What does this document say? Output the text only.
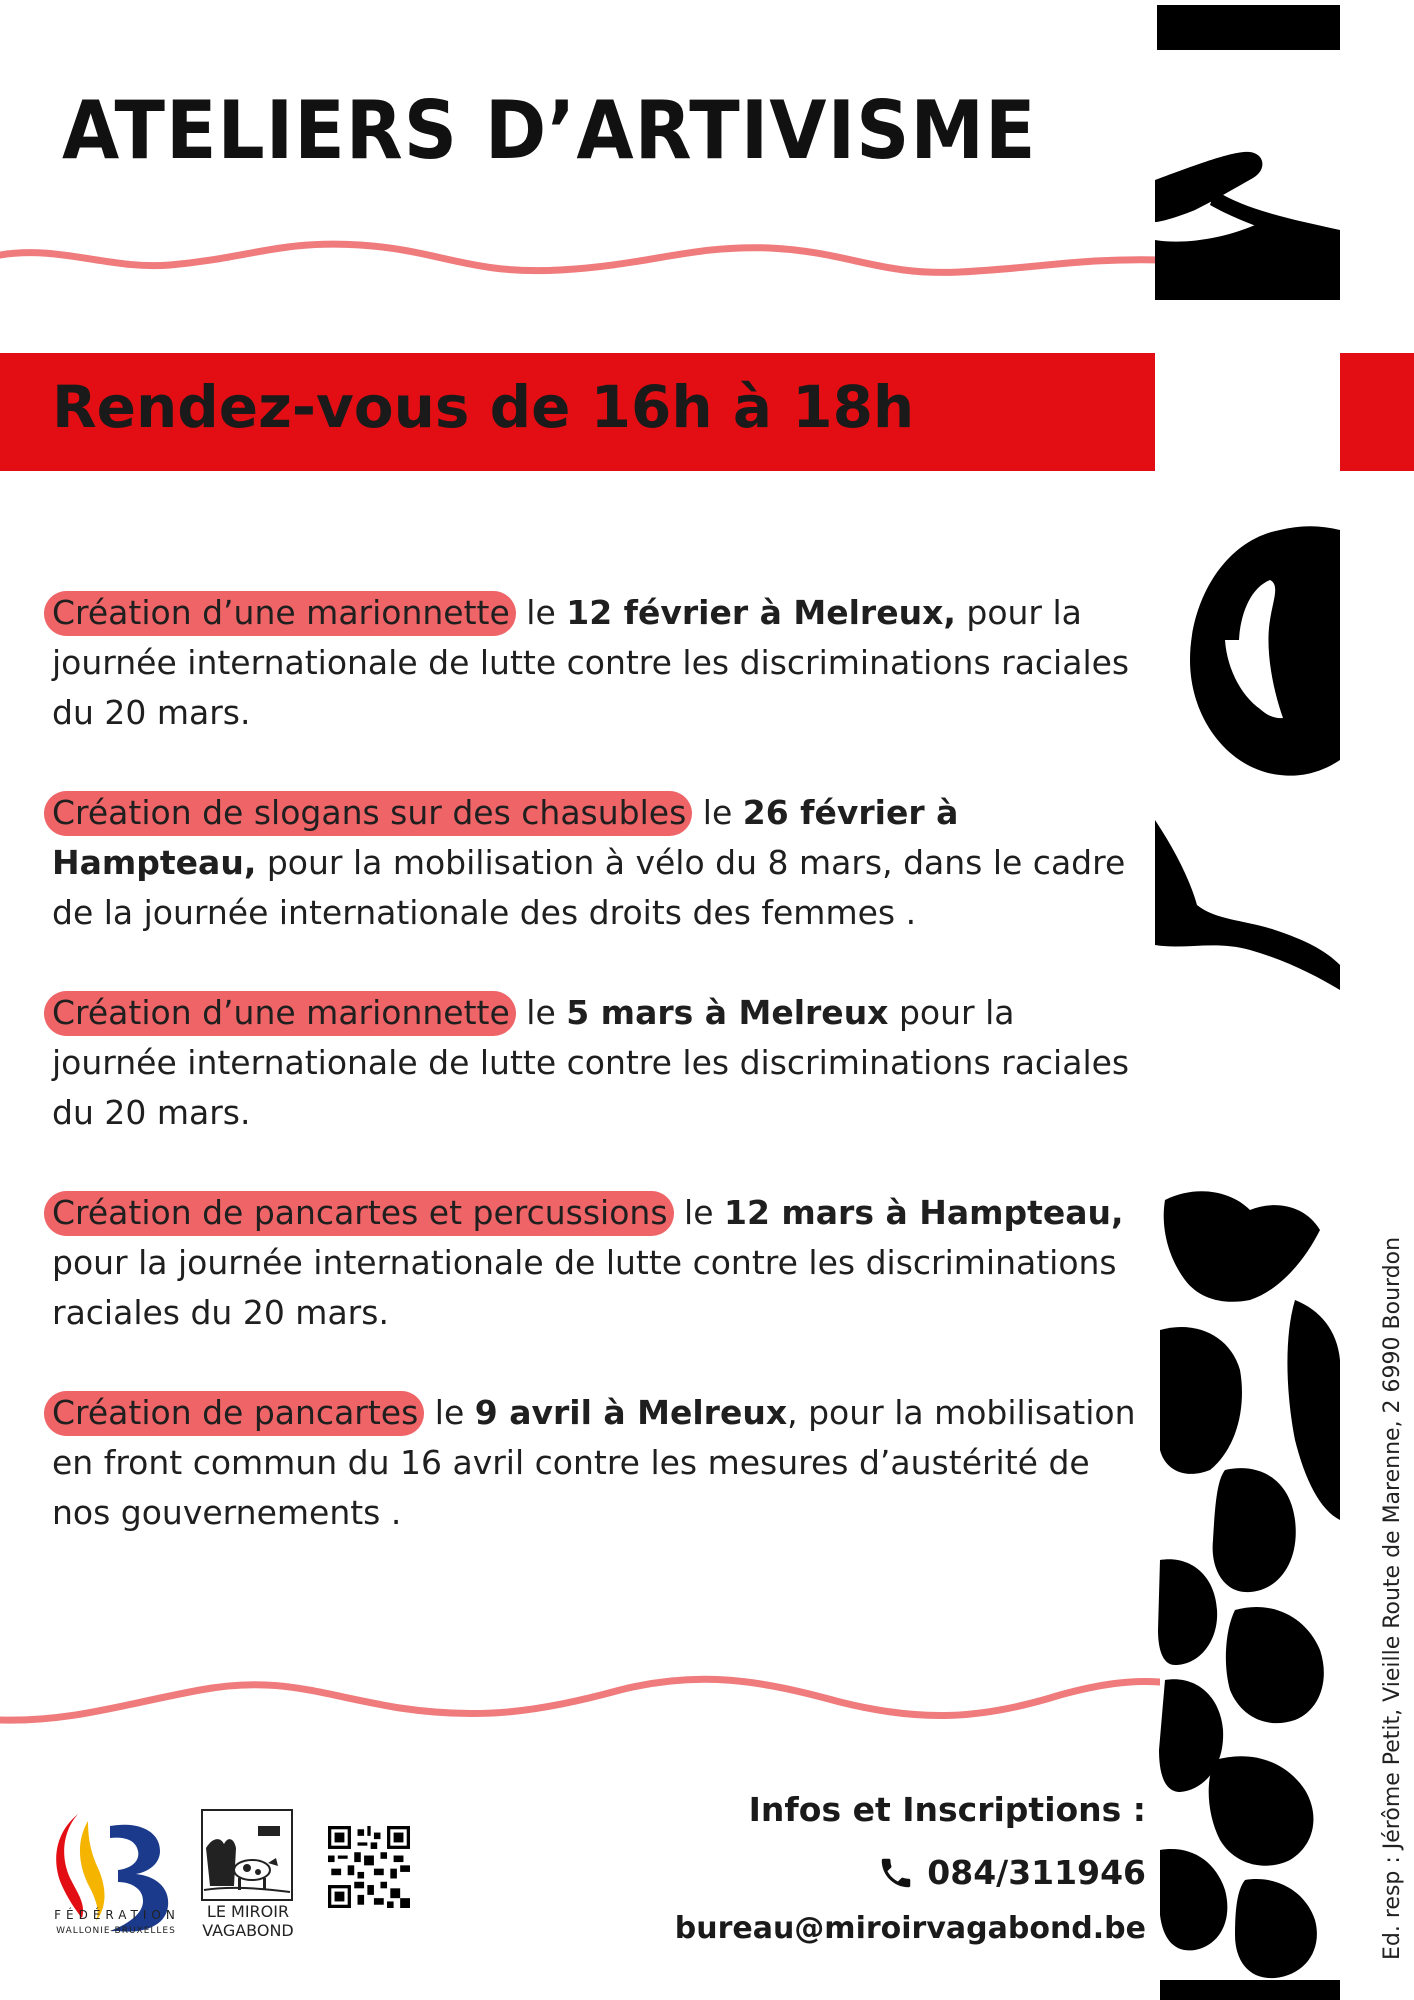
ATELIERS D’ARTIVISME

Rendez-vous de 16h à 18h

Création d’une marionnette le 12 février à Melreux, pour la journée internationale de lutte contre les discriminations raciales du 20 mars.

Création de slogans sur des chasubles le 26 février à Hampteau, pour la mobilisation à vélo du 8 mars, dans le cadre de la journée internationale des droits des femmes .

Création d’une marionnette le 5 mars à Melreux pour la journée internationale de lutte contre les discriminations raciales du 20 mars.

Création de pancartes et percussions le 12 mars à Hampteau, pour la journée internationale de lutte contre les discriminations raciales du 20 mars.

Création de pancartes le 9 avril à Melreux, pour la mobilisation en front commun du 16 avril contre les mesures d’austérité de nos gouvernements .	Ed. resp : Jérôme Petit, Vieille Route de Marenne, 2 6990 Bourdon

FÉDÉRATION

WALLONIE-BRUXELLES

LE MIROIR
VAGABOND

Infos et Inscriptions :

084/311946

bureau@miroirvagabond.be
